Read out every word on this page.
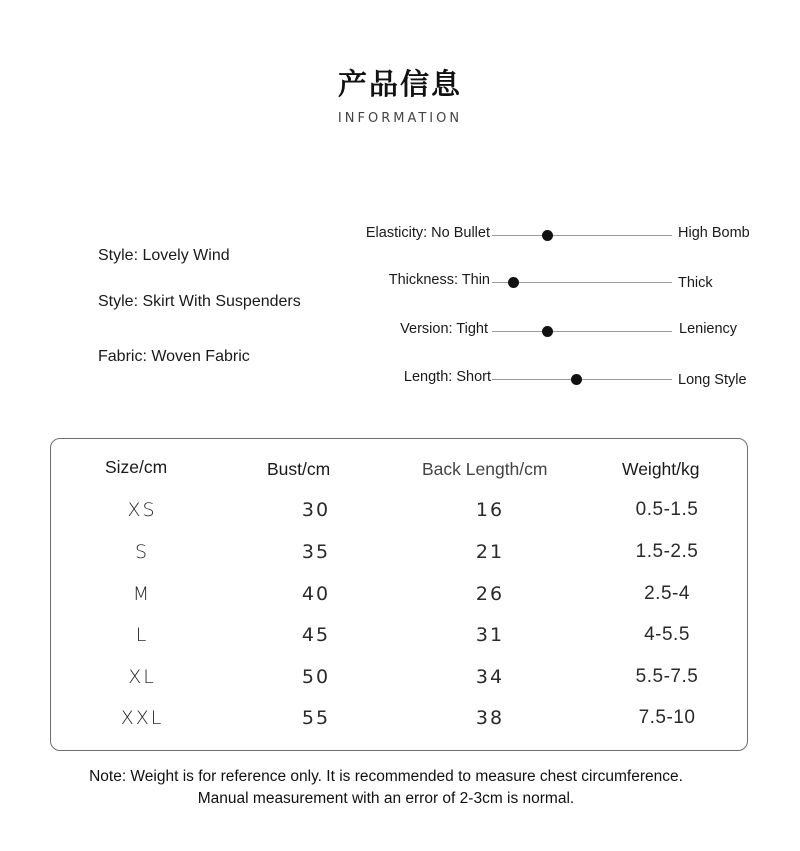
产品信息
INFORMATION
Style: Lovely Wind
Style: Skirt With Suspenders
Fabric: Woven Fabric
Elasticity: No Bullet	High Bomb
Thickness: Thin	Thick
Version: Tight	Leniency
Length: Short	Long Style
Size/cm	Bust/cm	Back Length/cm	Weight/kg
XS	30	16	0.5-1.5
S	35	21	1.5-2.5
M	40	26	2.5-4
L	45	31	4-5.5
XL	50	34	5.5-7.5
XXL	55	38	7.5-10
Note: Weight is for reference only. It is recommended to measure chest circumference.
Manual measurement with an error of 2-3cm is normal.
